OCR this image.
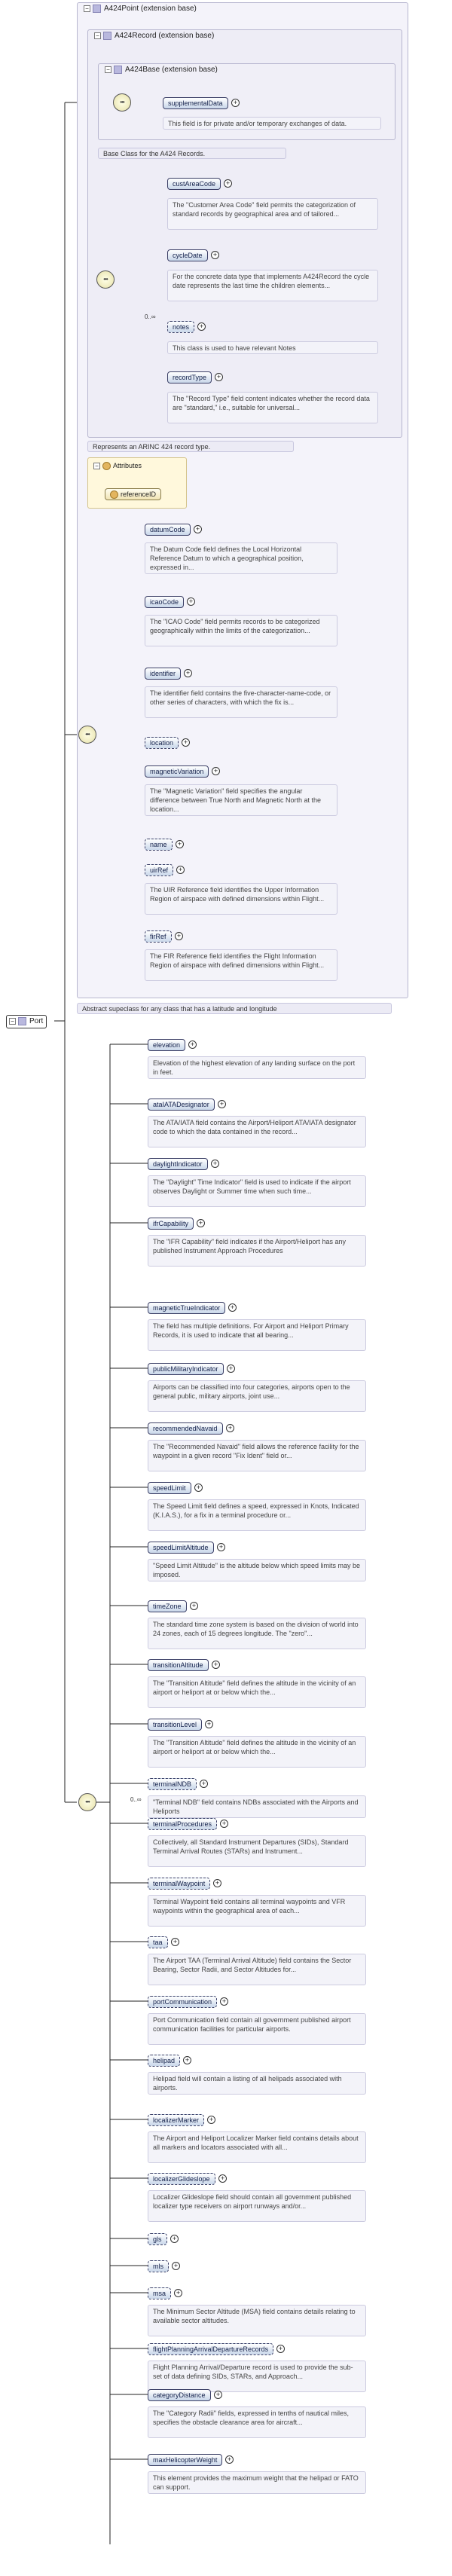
− Port
− A424Point (extension base)
− A424Record (extension base)
− A424Base (extension base)
•••	supplementalData	+
This field is for private and/or temporary exchanges of data.
Base Class for the A424 Records.
•••
0..∞
custAreaCode	+
The "Customer Area Code" field permits the categorization of standard records by geographical area and of tailored...
cycleDate	+
For the concrete data type that implements A424Record the cycle date represents the last time the children elements...
notes	+
This class is used to have relevant Notes
recordType	+
The "Record Type" field content indicates whether the record data are "standard," i.e., suitable for universal...
Represents an ARINC 424 record type.
− Attributes
referenceID
•••
datumCode	+
The Datum Code field defines the Local Horizontal Reference Datum to which a geographical position, expressed in...
icaoCode	+
The "ICAO Code" field permits records to be categorized geographically within the limits of the categorization...
identifier	+
The identifier field contains the five-character-name-code, or other series of characters, with which the fix is...
location	+
magneticVariation	+
The "Magnetic Variation" field specifies the angular difference between True North and Magnetic North at the location...
name	+
uirRef	+
The UIR Reference field identifies the Upper Information Region of airspace with defined dimensions within Flight...
firRef	+
The FIR Reference field identifies the Flight Information Region of airspace with defined dimensions within Flight...
Abstract supeclass for any class that has a latitude and longitude
•••	0..∞
elevation	+
Elevation of the highest elevation of any landing surface on the port in feet.
ataIATADesignator	+
The ATA/IATA field contains the Airport/Heliport ATA/IATA designator code to which the data contained in the record...
daylightIndicator	+
The "Daylight" Time Indicator" field is used to indicate if the airport observes Daylight or Summer time when such time...
ifrCapability	+
The "IFR Capability" field indicates if the Airport/Heliport has any published Instrument Approach Procedures
magneticTrueIndicator	+
The field has multiple definitions. For Airport and Heliport Primary Records, it is used to indicate that all bearing...
publicMilitaryIndicator	+
Airports can be classified into four categories, airports open to the general public, military airports, joint use...
recommendedNavaid	+
The "Recommended Navaid" field allows the reference facility for the waypoint in a given record "Fix Ident" field or...
speedLimit	+
The Speed Limit field defines a speed, expressed in Knots, Indicated (K.I.A.S.), for a fix in a terminal procedure or...
speedLimitAltitude	+
"Speed Limit Altitude" is the altitude below which speed limits may be imposed.
timeZone	+
The standard time zone system is based on the division of world into 24 zones, each of 15 degrees longitude. The "zero"...
transitionAltitude	+
The "Transition Altitude" field defines the altitude in the vicinity of an airport or heliport at or below which the...
transitionLevel	+
The "Transition Altitude" field defines the altitude in the vicinity of an airport or heliport at or below which the...
terminalNDB	+
"Terminal NDB" field contains NDBs associated with the Airports and Heliports
terminalProcedures	+
Collectively, all Standard Instrument Departures (SIDs), Standard Terminal Arrival Routes (STARs) and Instrument...
terminalWaypoint	+
Terminal Waypoint field contains all terminal waypoints and VFR waypoints within the geographical area of each...
taa	+
The Airport TAA (Terminal Arrival Altitude) field contains the Sector Bearing, Sector Radii, and Sector Altitudes for...
portCommunication	+
Port Communication field contain all government published airport communication facilities for particular airports.
helipad	+
Helipad field will contain a listing of all helipads associated with airports.
localizerMarker	+
The Airport and Heliport Localizer Marker field contains details about all markers and locators associated with all...
localizerGlideslope	+
Localizer Glideslope field should contain all government published localizer type receivers on airport runways and/or...
gls	+
mls	+
msa	+
The Minimum Sector Altitude (MSA) field contains details relating to available sector altitudes.
flightPlanningArrivalDepartureRecords	+
Flight Planning Arrival/Departure record is used to provide the sub-set of data defining SIDs, STARs, and Approach...
categoryDistance	+
The "Category Radii" fields, expressed in tenths of nautical miles, specifies the obstacle clearance area for aircraft...
maxHelicopterWeight	+
This element provides the maximum weight that the helipad or FATO can support.
